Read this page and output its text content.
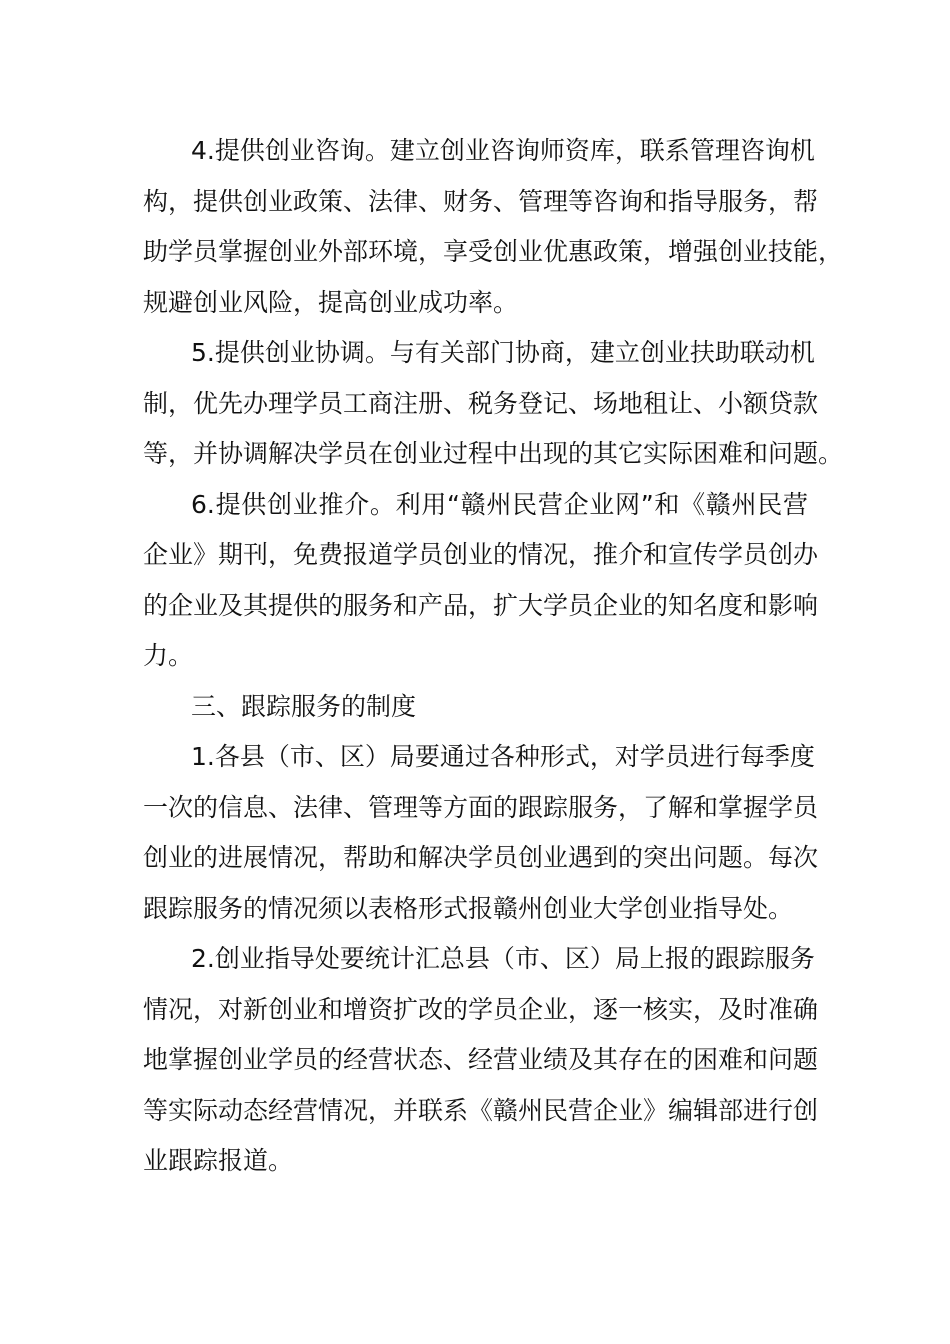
4.提供创业咨询。建立创业咨询师资库，联系管理咨询机
构，提供创业政策、法律、财务、管理等咨询和指导服务，帮
助学员掌握创业外部环境，享受创业优惠政策，增强创业技能，
规避创业风险，提高创业成功率。
5.提供创业协调。与有关部门协商，建立创业扶助联动机
制，优先办理学员工商注册、税务登记、场地租让、小额贷款
等，并协调解决学员在创业过程中出现的其它实际困难和问题。
6.提供创业推介。利用“赣州民营企业网”和《赣州民营
企业》期刊，免费报道学员创业的情况，推介和宣传学员创办
的企业及其提供的服务和产品，扩大学员企业的知名度和影响
力。
三、跟踪服务的制度
1.各县（市、区）局要通过各种形式，对学员进行每季度
一次的信息、法律、管理等方面的跟踪服务，了解和掌握学员
创业的进展情况，帮助和解决学员创业遇到的突出问题。每次
跟踪服务的情况须以表格形式报赣州创业大学创业指导处。
2.创业指导处要统计汇总县（市、区）局上报的跟踪服务
情况，对新创业和增资扩改的学员企业，逐一核实，及时准确
地掌握创业学员的经营状态、经营业绩及其存在的困难和问题
等实际动态经营情况，并联系《赣州民营企业》编辑部进行创
业跟踪报道。
